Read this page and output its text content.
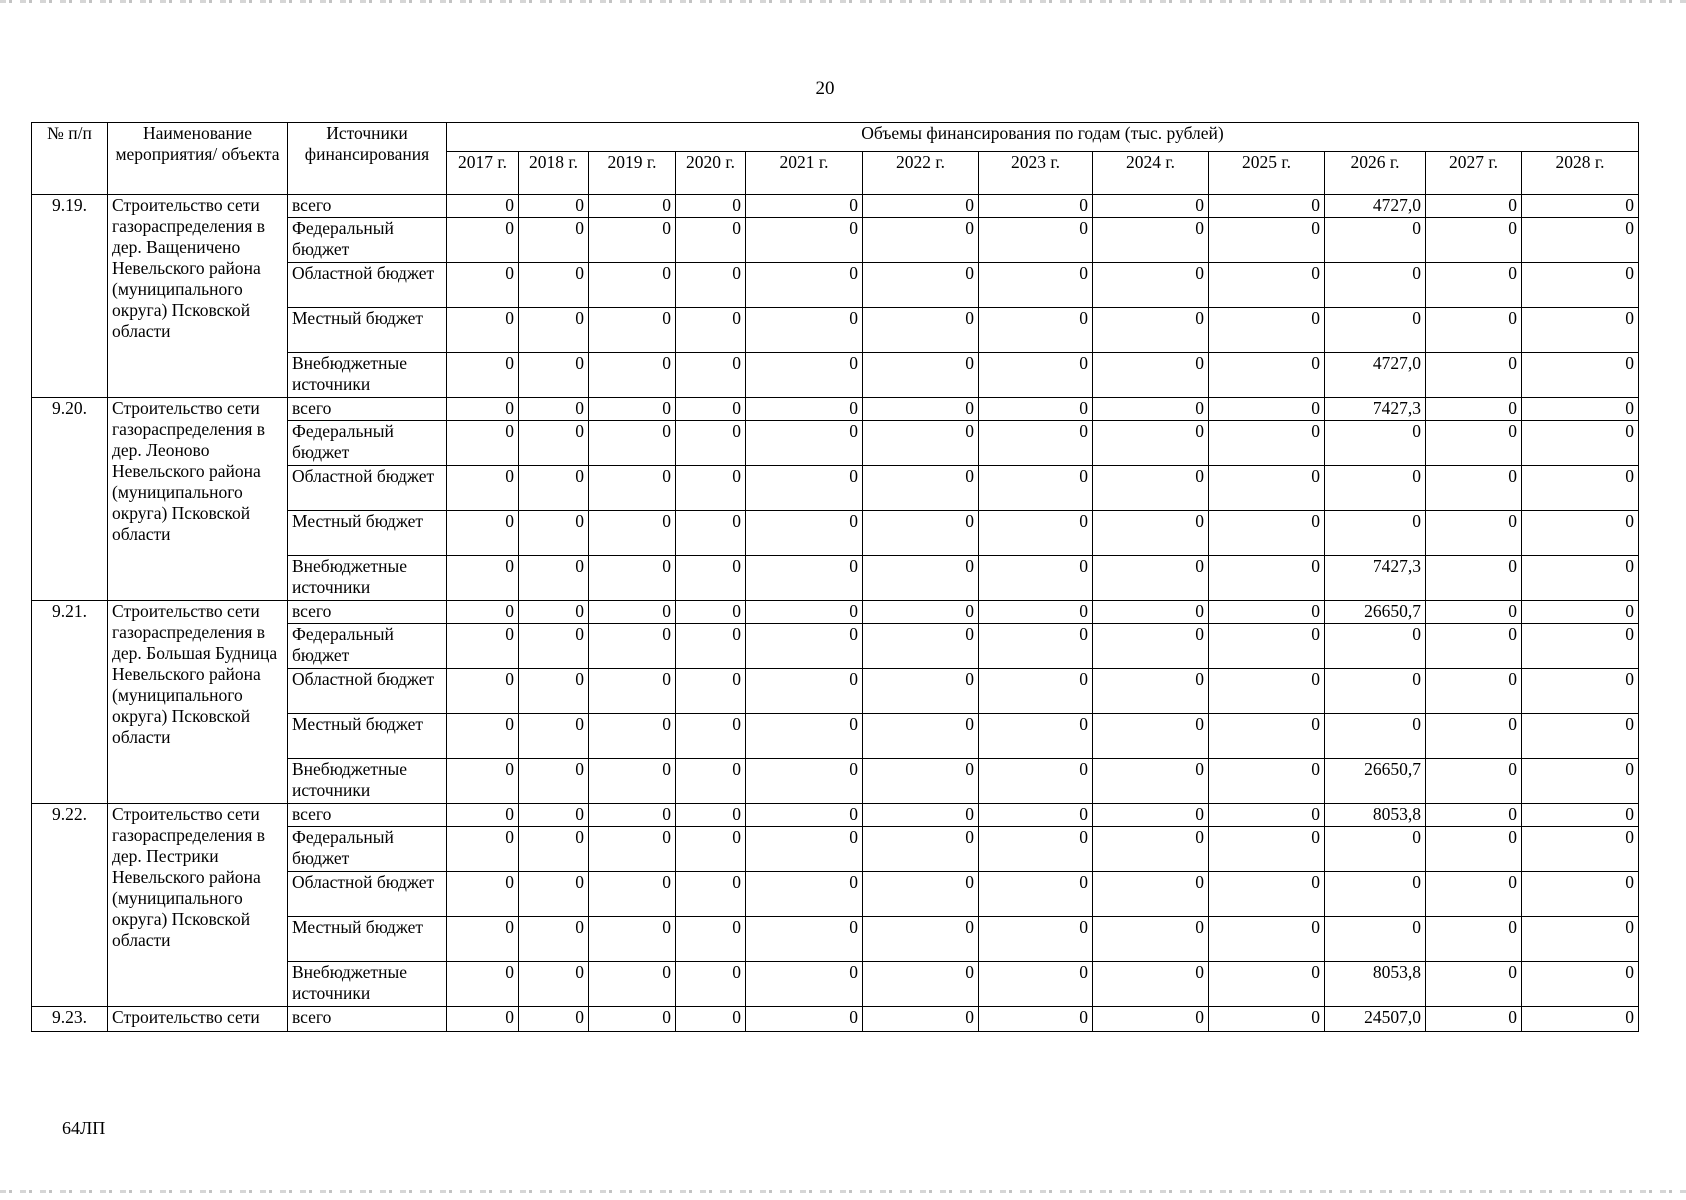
20
№ п/п	Наименование мероприятия/ объекта	Источники финансирования	Объемы финансирования по годам (тыс. рублей)											
			2017 г.	2018 г.	2019 г.	2020 г.	2021 г.	2022 г.	2023 г.	2024 г.	2025 г.	2026 г.	2027 г.	2028 г.
9.19.	Строительство сети газораспределения в дер. Ващеничено Невельского района (муниципального округа) Псковской области	всего	0	0	0	0	0	0	0	0	0	4727,0	0	0
		Федеральный бюджет	0	0	0	0	0	0	0	0	0	0	0	0
		Областной бюджет	0	0	0	0	0	0	0	0	0	0	0	0
		Местный бюджет	0	0	0	0	0	0	0	0	0	0	0	0
		Внебюджетные источники	0	0	0	0	0	0	0	0	0	4727,0	0	0
9.20.	Строительство сети газораспределения в дер. Леоново Невельского района (муниципального округа) Псковской области	всего	0	0	0	0	0	0	0	0	0	7427,3	0	0
		Федеральный бюджет	0	0	0	0	0	0	0	0	0	0	0	0
		Областной бюджет	0	0	0	0	0	0	0	0	0	0	0	0
		Местный бюджет	0	0	0	0	0	0	0	0	0	0	0	0
		Внебюджетные источники	0	0	0	0	0	0	0	0	0	7427,3	0	0
9.21.	Строительство сети газораспределения в дер. Большая Будница Невельского района (муниципального округа) Псковской области	всего	0	0	0	0	0	0	0	0	0	26650,7	0	0
		Федеральный бюджет	0	0	0	0	0	0	0	0	0	0	0	0
		Областной бюджет	0	0	0	0	0	0	0	0	0	0	0	0
		Местный бюджет	0	0	0	0	0	0	0	0	0	0	0	0
		Внебюджетные источники	0	0	0	0	0	0	0	0	0	26650,7	0	0
9.22.	Строительство сети газораспределения в дер. Пестрики Невельского района (муниципального округа) Псковской области	всего	0	0	0	0	0	0	0	0	0	8053,8	0	0
		Федеральный бюджет	0	0	0	0	0	0	0	0	0	0	0	0
		Областной бюджет	0	0	0	0	0	0	0	0	0	0	0	0
		Местный бюджет	0	0	0	0	0	0	0	0	0	0	0	0
		Внебюджетные источники	0	0	0	0	0	0	0	0	0	8053,8	0	0
9.23.	Строительство сети	всего	0	0	0	0	0	0	0	0	0	24507,0	0	0
64ЛП
